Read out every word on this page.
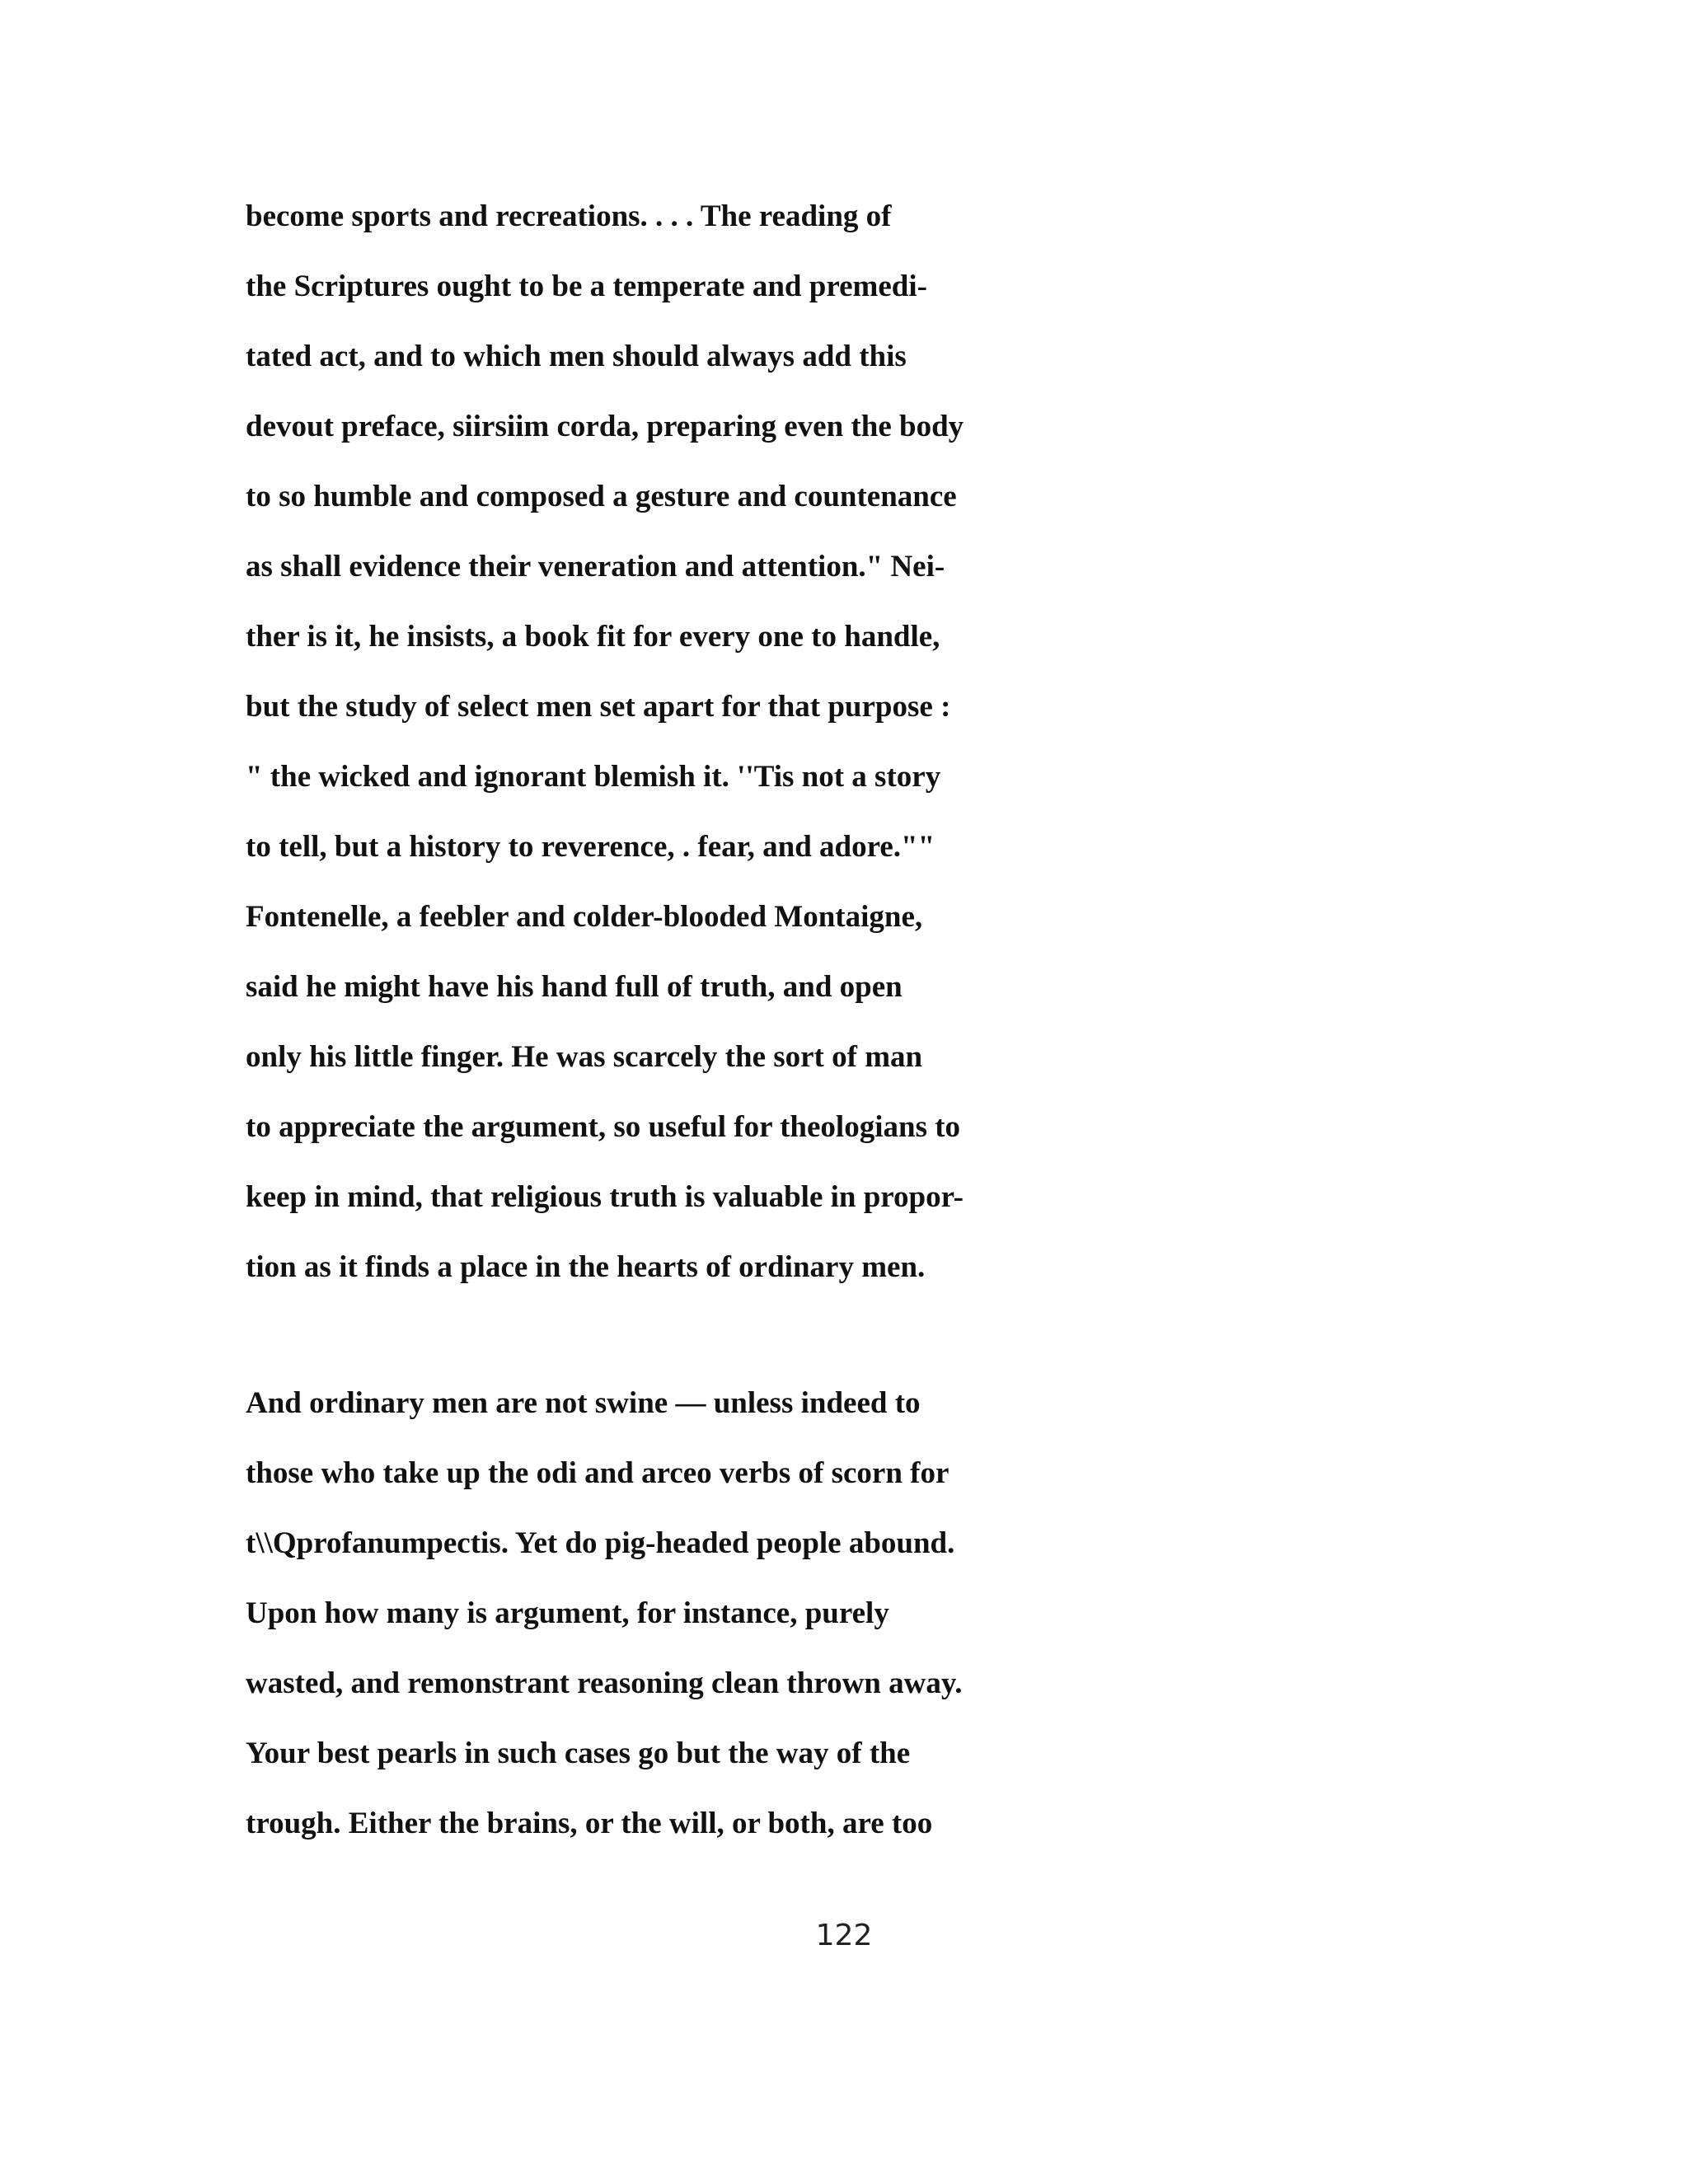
become sports and recreations. . . . The reading of
the Scriptures ought to be a temperate and premedi-
tated act, and to which men should always add this
devout preface, siirsiim corda, preparing even the body
to so humble and composed a gesture and countenance
as shall evidence their veneration and attention." Nei-
ther is it, he insists, a book fit for every one to handle,
but the study of select men set apart for that purpose :
" the wicked and ignorant blemish it. ''Tis not a story
to tell, but a history to reverence, . fear, and adore.""
Fontenelle, a feebler and colder-blooded Montaigne,
said he might have his hand full of truth, and open
only his little finger. He was scarcely the sort of man
to appreciate the argument, so useful for theologians to
keep in mind, that religious truth is valuable in propor-
tion as it finds a place in the hearts of ordinary men.
And ordinary men are not swine — unless indeed to
those who take up the odi and arceo verbs of scorn for
t\\Qprofanumpectis. Yet do pig-headed people abound.
Upon how many is argument, for instance, purely
wasted, and remonstrant reasoning clean thrown away.
Your best pearls in such cases go but the way of the
trough. Either the brains, or the will, or both, are too
122
